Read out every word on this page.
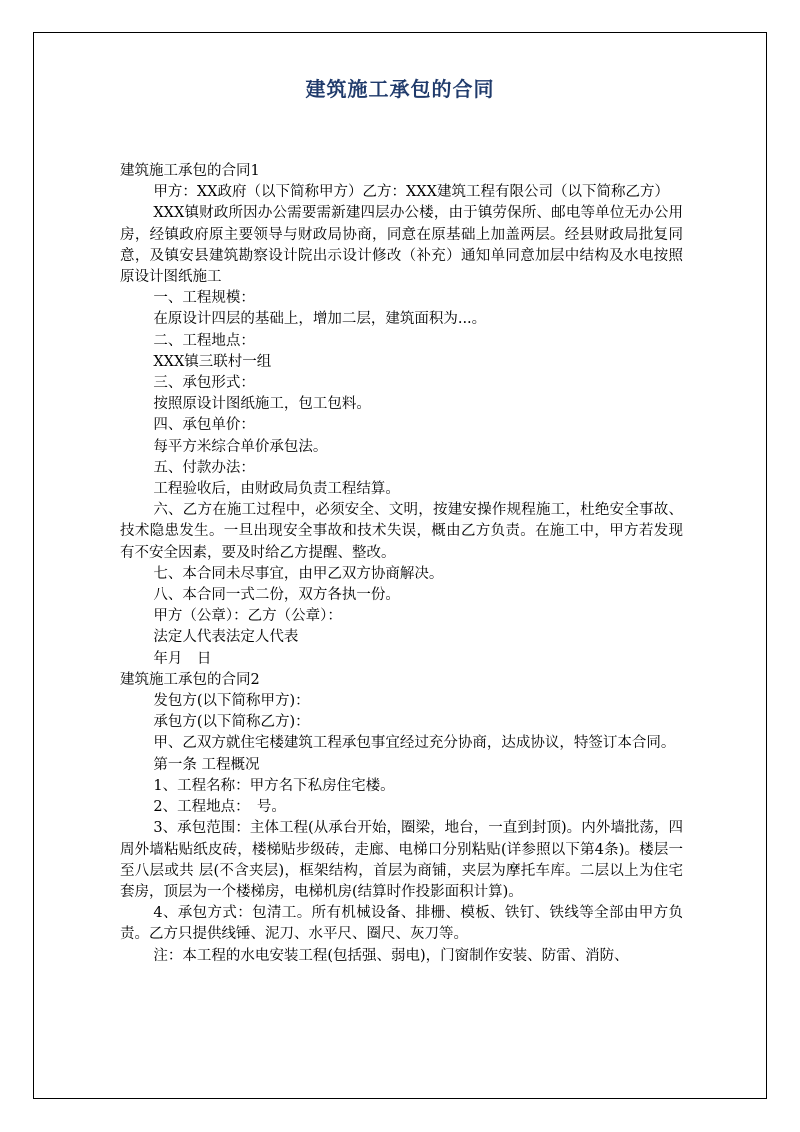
建筑施工承包的合同

建筑施工承包的合同1

甲方：XX政府（以下简称甲方）乙方：XXX建筑工程有限公司（以下简称乙方）

XXX镇财政所因办公需要需新建四层办公楼，由于镇劳保所、邮电等单位无办公用房，经镇政府原主要领导与财政局协商，同意在原基础上加盖两层。经县财政局批复同意，及镇安县建筑勘察设计院出示设计修改（补充）通知单同意加层中结构及水电按照原设计图纸施工

一、工程规模：

在原设计四层的基础上，增加二层，建筑面积为...。

二、工程地点：

XXX镇三联村一组

三、承包形式：

按照原设计图纸施工，包工包料。

四、承包单价：

每平方米综合单价承包法。

五、付款办法：

工程验收后，由财政局负责工程结算。

六、乙方在施工过程中，必须安全、文明，按建安操作规程施工，杜绝安全事故、技术隐患发生。一旦出现安全事故和技术失误，概由乙方负责。在施工中，甲方若发现有不安全因素，要及时给乙方提醒、整改。

七、本合同未尽事宜，由甲乙双方协商解决。

八、本合同一式二份，双方各执一份。

甲方（公章）：乙方（公章）：

法定人代表法定人代表

年月　日

建筑施工承包的合同2

发包方(以下简称甲方)：

承包方(以下简称乙方)：

甲、乙双方就住宅楼建筑工程承包事宜经过充分协商，达成协议，特签订本合同。

第一条 工程概况

1、工程名称：甲方名下私房住宅楼。

2、工程地点：　号。

3、承包范围：主体工程(从承台开始，圈梁，地台，一直到封顶)。内外墙批荡，四周外墙粘贴纸皮砖，楼梯贴步级砖，走廊、电梯口分别粘贴(详参照以下第4条)。楼层一至八层或共 层(不含夹层)，框架结构，首层为商铺，夹层为摩托车库。二层以上为住宅套房，顶层为一个楼梯房，电梯机房(结算时作投影面积计算)。

4、承包方式：包清工。所有机械设备、排栅、模板、铁钉、铁线等全部由甲方负责。乙方只提供线锤、泥刀、水平尺、圈尺、灰刀等。

注：本工程的水电安装工程(包括强、弱电)，门窗制作安装、防雷、消防、
